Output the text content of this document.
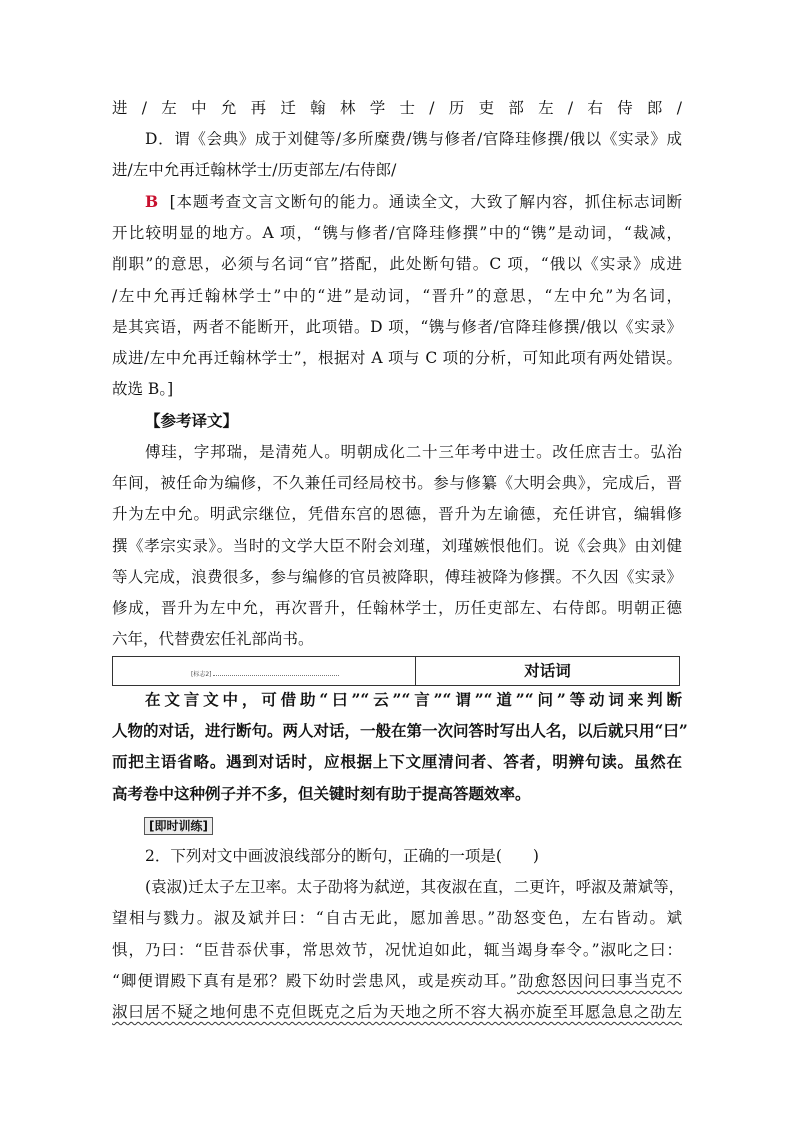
进/左中允再迁翰林学士/历吏部左/右侍郎/
D．谓《会典》成于刘健等/多所糜费/镌与修者/官降珪修撰/俄以《实录》成
进/左中允再迁翰林学士/历吏部左/右侍郎/
B [本题考查文言文断句的能力。通读全文，大致了解内容，抓住标志词断
开比较明显的地方。A 项，“镌与修者/官降珪修撰”中的“镌”是动词，“裁减，
削职”的意思，必须与名词“官”搭配，此处断句错。C 项，“俄以《实录》成进
/左中允再迁翰林学士”中的“进”是动词，“晋升”的意思，“左中允”为名词，
是其宾语，两者不能断开，此项错。D 项，“镌与修者/官降珪修撰/俄以《实录》
成进/左中允再迁翰林学士”，根据对 A 项与 C 项的分析，可知此项有两处错误。
故选 B。]
【参考译文】
傅珪，字邦瑞，是清苑人。明朝成化二十三年考中进士。改任庶吉士。弘治
年间，被任命为编修，不久兼任司经局校书。参与修纂《大明会典》，完成后，晋
升为左中允。明武宗继位，凭借东宫的恩德，晋升为左谕德，充任讲官，编辑修
撰《孝宗实录》。当时的文学大臣不附会刘瑾，刘瑾嫉恨他们。说《会典》由刘健
等人完成，浪费很多，参与编修的官员被降职，傅珪被降为修撰。不久因《实录》
修成，晋升为左中允，再次晋升，任翰林学士，历任吏部左、右侍郎。明朝正德
六年，代替费宏任礼部尚书。
[标志2]	对话词
在文言文中，可借助“曰”“云”“言”“谓”“道”“问”等动词来判断
人物的对话，进行断句。两人对话，一般在第一次问答时写出人名，以后就只用“曰”
而把主语省略。遇到对话时，应根据上下文厘清问者、答者，明辨句读。虽然在
高考卷中这种例子并不多，但关键时刻有助于提高答题效率。
[即时训练]
2．下列对文中画波浪线部分的断句，正确的一项是(　　)
(袁淑)迁太子左卫率。太子劭将为弑逆，其夜淑在直，二更许，呼淑及萧斌等，
望相与戮力。淑及斌并曰：“自古无此，愿加善思。”劭怒变色，左右皆动。斌
惧，乃曰：“臣昔忝伏事，常思效节，况忧迫如此，辄当竭身奉令。”淑叱之曰：
“卿便谓殿下真有是邪？殿下幼时尝患风，或是疾动耳。”劭愈怒因问曰事当克不
淑曰居不疑之地何患不克但既克之后为天地之所不容大祸亦旋至耳愿急息之劭左
